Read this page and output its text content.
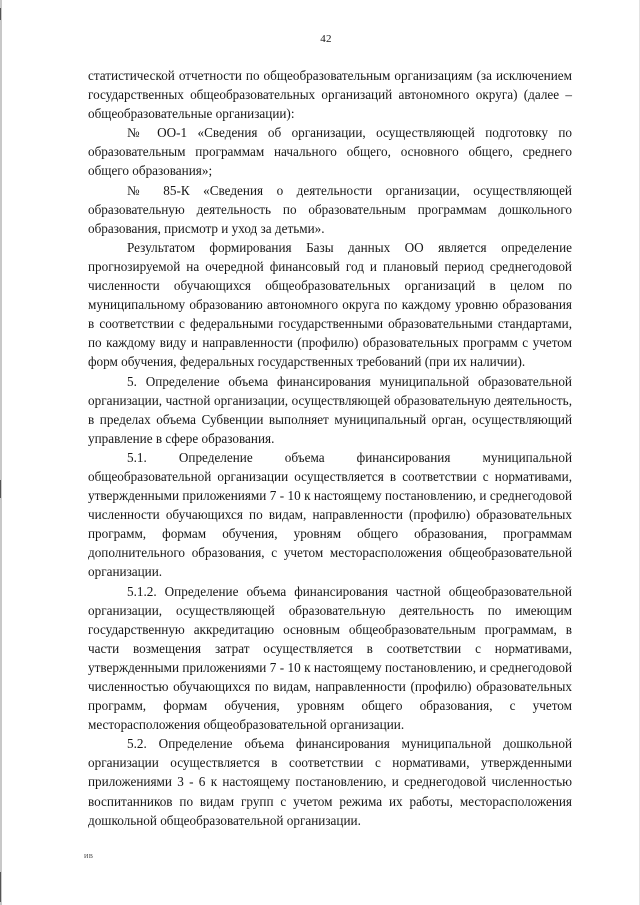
42

статистической отчетности по общеобразовательным организациям (за исключением государственных общеобразовательных организаций автономного округа) (далее – общеобразовательные организации):

№ ОО-1 «Сведения об организации, осуществляющей подготовку по образовательным программам начального общего, основного общего, среднего общего образования»;

№ 85-К «Сведения о деятельности организации, осуществляющей образовательную деятельность по образовательным программам дошкольного образования, присмотр и уход за детьми».

Результатом формирования Базы данных ОО является определение прогнозируемой на очередной финансовый год и плановый период среднегодовой численности обучающихся общеобразовательных организаций в целом по муниципальному образованию автономного округа по каждому уровню образования в соответствии с федеральными государственными образовательными стандартами, по каждому виду и направленности (профилю) образовательных программ с учетом форм обучения, федеральных государственных требований (при их наличии).

5. Определение объема финансирования муниципальной образовательной организации, частной организации, осуществляющей образовательную деятельность, в пределах объема Субвенции выполняет муниципальный орган, осуществляющий управление в сфере образования.

5.1. Определение объема финансирования муниципальной общеобразовательной организации осуществляется в соответствии с нормативами, утвержденными приложениями 7 - 10 к настоящему постановлению, и среднегодовой численности обучающихся по видам, направленности (профилю) образовательных программ, формам обучения, уровням общего образования, программам дополнительного образования, с учетом месторасположения общеобразовательной организации.

5.1.2. Определение объема финансирования частной общеобразовательной организации, осуществляющей образовательную деятельность по имеющим государственную аккредитацию основным общеобразовательным программам, в части возмещения затрат осуществляется в соответствии с нормативами, утвержденными приложениями 7 - 10 к настоящему постановлению, и среднегодовой численностью обучающихся по видам, направленности (профилю) образовательных программ, формам обучения, уровням общего образования, с учетом месторасположения общеобразовательной организации.

5.2. Определение объема финансирования муниципальной дошкольной организации осуществляется в соответствии с нормативами, утвержденными приложениями 3 - 6 к настоящему постановлению, и среднегодовой численностью воспитанников по видам групп с учетом режима их работы, месторасположения дошкольной общеобразовательной организации.

ИВ
